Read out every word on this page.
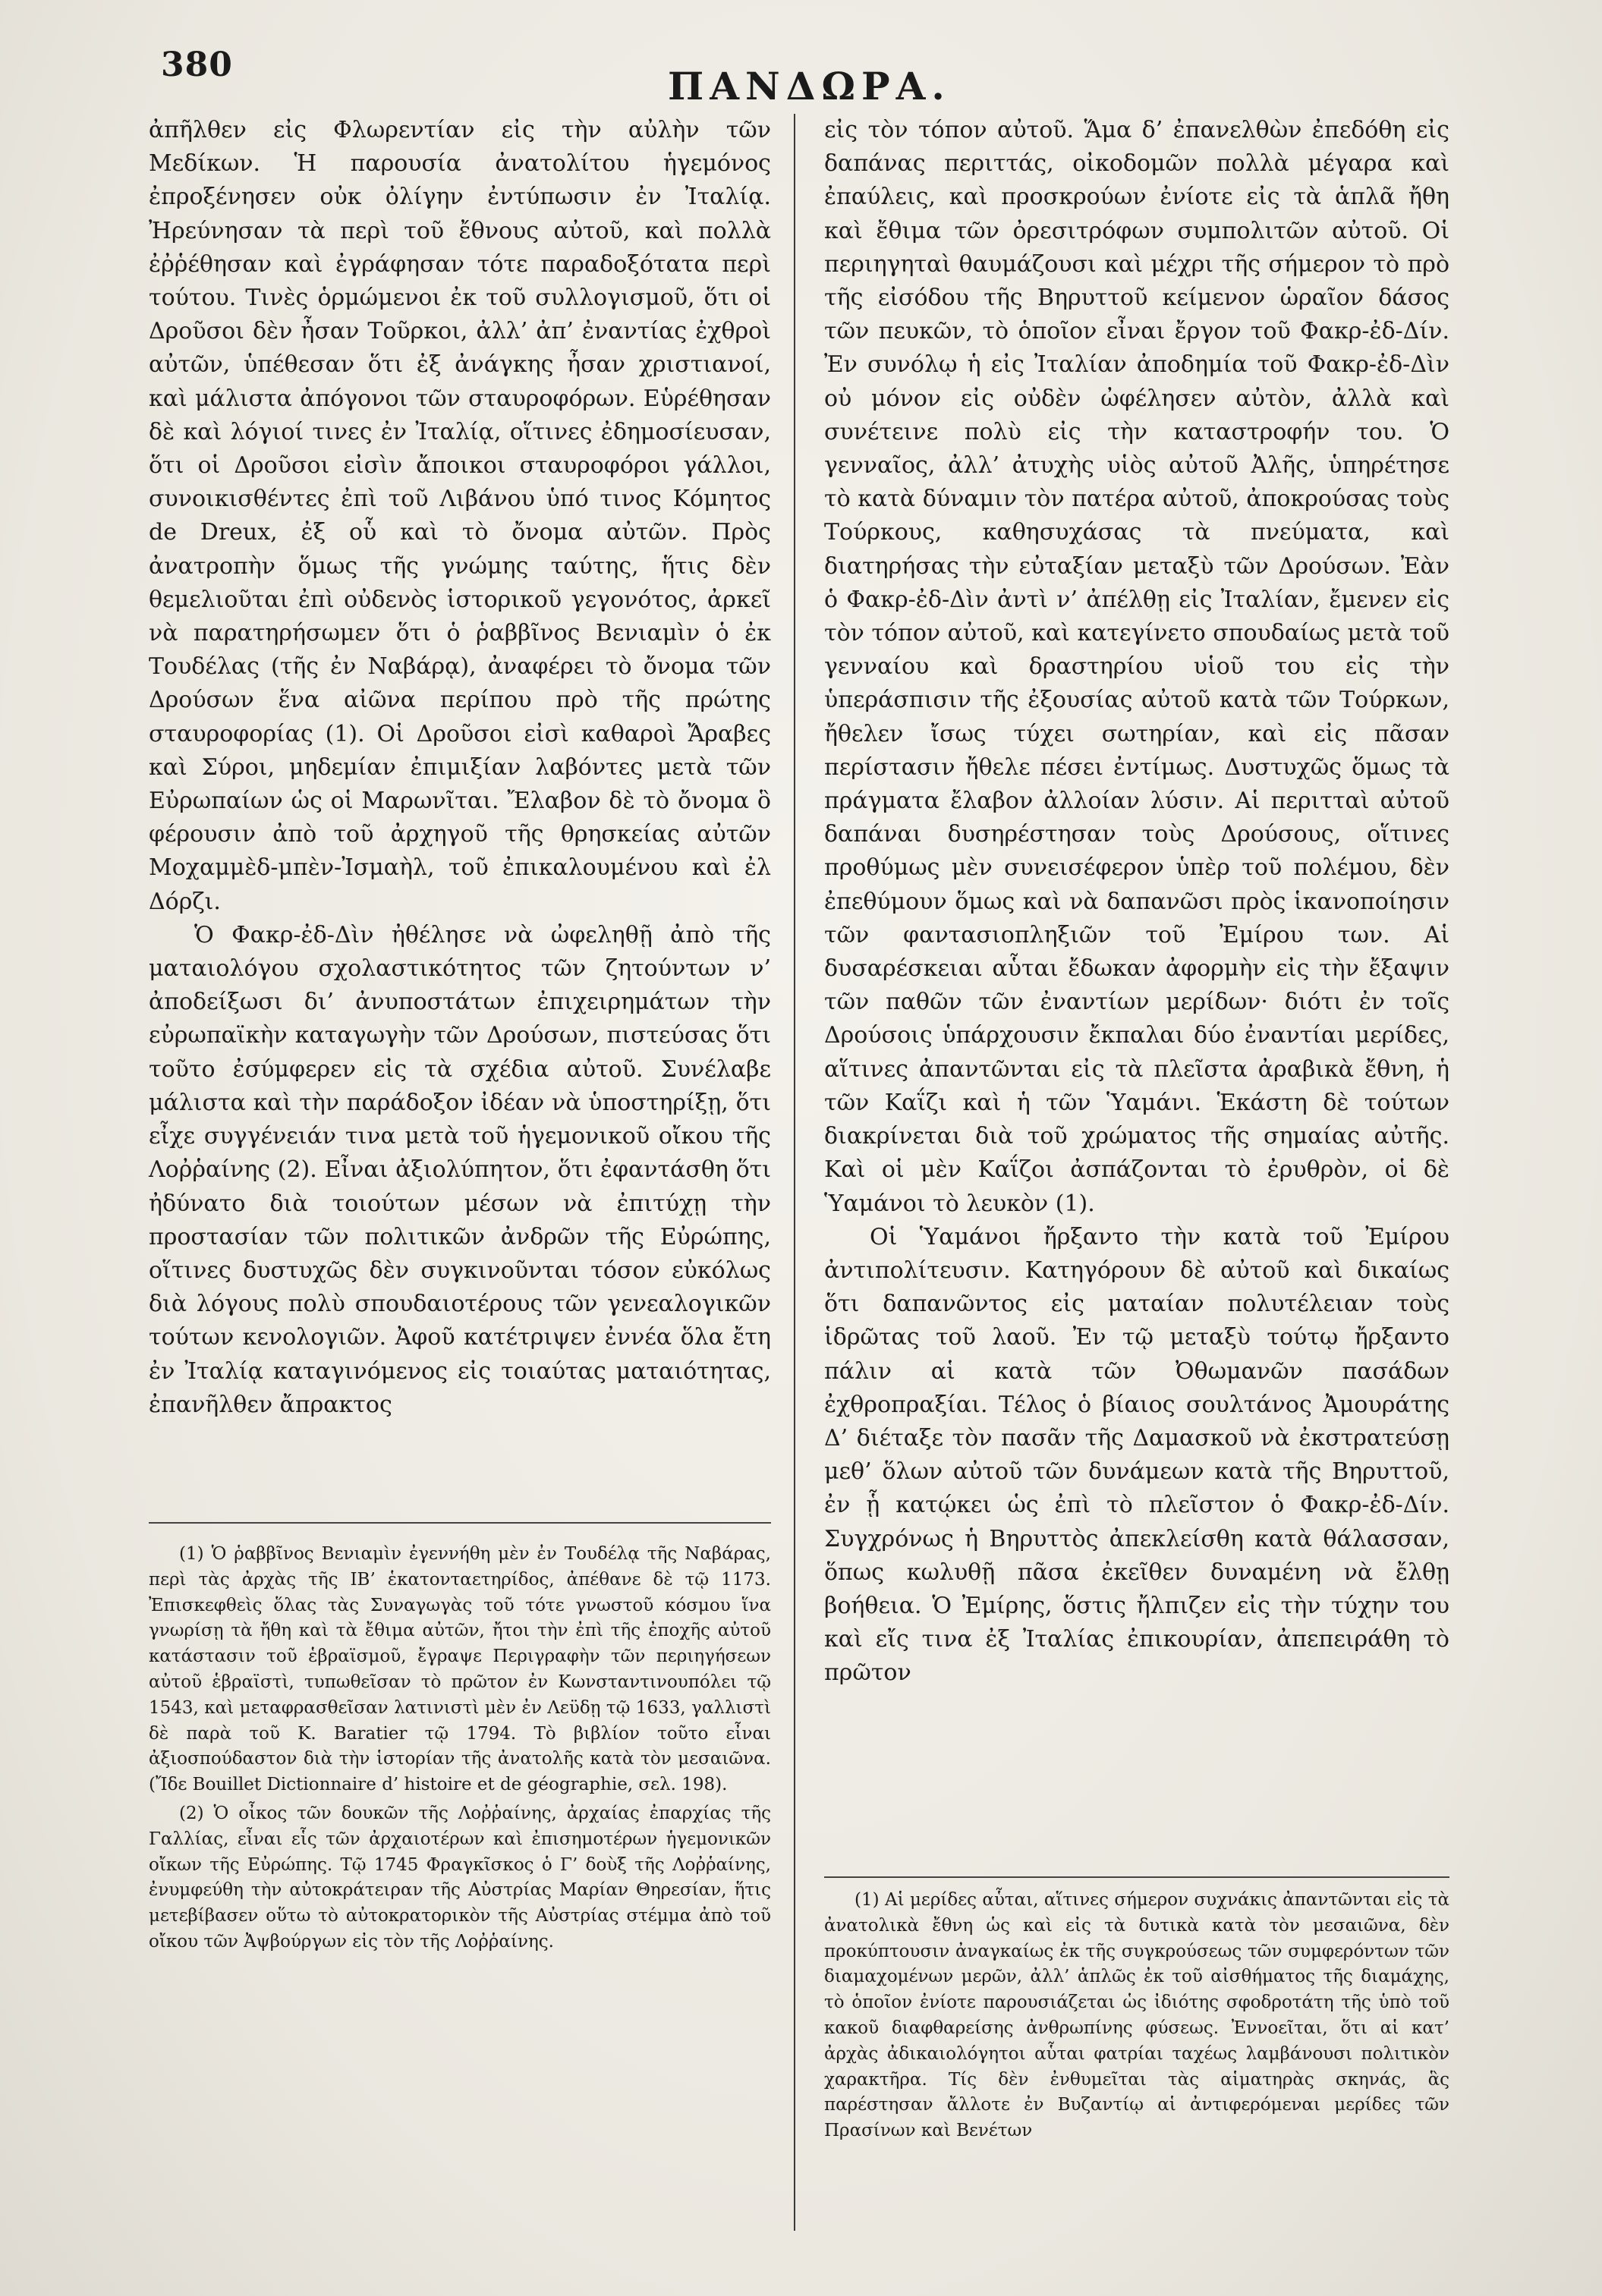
380	ΠΑΝΔΩΡΑ.

ἀπῆλθεν εἰς Φλωρεντίαν εἰς τὴν αὐλὴν τῶν Μεδίκων. Ἡ παρουσία ἀνατολίτου ἡγεμόνος ἐπροξένησεν οὐκ ὀλίγην ἐντύπωσιν ἐν Ἰταλίᾳ. Ἠρεύνησαν τὰ περὶ τοῦ ἔθνους αὐτοῦ, καὶ πολλὰ ἐῤῥέθησαν καὶ ἐγράφησαν τότε παραδοξότατα περὶ τούτου. Τινὲς ὁρμώμενοι ἐκ τοῦ συλλογισμοῦ, ὅτι οἱ Δροῦσοι δὲν ἦσαν Τοῦρκοι, ἀλλ’ ἀπ’ ἐναντίας ἐχθροὶ αὐτῶν, ὑπέθεσαν ὅτι ἐξ ἀνάγκης ἦσαν χριστιανοί, καὶ μάλιστα ἀπόγονοι τῶν σταυροφόρων. Εὑρέθησαν δὲ καὶ λόγιοί τινες ἐν Ἰταλίᾳ, οἵτινες ἐδημοσίευσαν, ὅτι οἱ Δροῦσοι εἰσὶν ἄποικοι σταυροφόροι γάλλοι, συνοικισθέντες ἐπὶ τοῦ Λιβάνου ὑπό τινος Κόμητος de Dreux, ἐξ οὗ καὶ τὸ ὄνομα αὐτῶν. Πρὸς ἀνατροπὴν ὅμως τῆς γνώμης ταύτης, ἥτις δὲν θεμελιοῦται ἐπὶ οὐδενὸς ἱστορικοῦ γεγονότος, ἀρκεῖ νὰ παρατηρήσωμεν ὅτι ὁ ῥαββῖνος Βενιαμὶν ὁ ἐκ Τουδέλας (τῆς ἐν Ναβάρᾳ), ἀναφέρει τὸ ὄνομα τῶν Δρούσων ἕνα αἰῶνα περίπου πρὸ τῆς πρώτης σταυροφορίας (1). Οἱ Δροῦσοι εἰσὶ καθαροὶ Ἄραβες καὶ Σύροι, μηδεμίαν ἐπιμιξίαν λαβόντες μετὰ τῶν Εὐρωπαίων ὡς οἱ Μαρωνῖται. Ἔλαβον δὲ τὸ ὄνομα ὃ φέρουσιν ἀπὸ τοῦ ἀρχηγοῦ τῆς θρησκείας αὐτῶν Μοχαμμὲδ-μπὲν-Ἰσμαὴλ, τοῦ ἐπικαλουμένου καὶ ἐλ Δόρζι.

Ὁ Φακρ-ἐδ-Δὶν ἠθέλησε νὰ ὠφεληθῇ ἀπὸ τῆς ματαιολόγου σχολαστικότητος τῶν ζητούντων ν’ ἀποδείξωσι δι’ ἀνυποστάτων ἐπιχειρημάτων τὴν εὐρωπαϊκὴν καταγωγὴν τῶν Δρούσων, πιστεύσας ὅτι τοῦτο ἐσύμφερεν εἰς τὰ σχέδια αὐτοῦ. Συνέλαβε μάλιστα καὶ τὴν παράδοξον ἰδέαν νὰ ὑποστηρίξῃ, ὅτι εἶχε συγγένειάν τινα μετὰ τοῦ ἡγεμονικοῦ οἴκου τῆς Λοῤῥαίνης (2). Εἶναι ἀξιολύπητον, ὅτι ἐφαντάσθη ὅτι ἠδύνατο διὰ τοιούτων μέσων νὰ ἐπιτύχῃ τὴν προστασίαν τῶν πολιτικῶν ἀνδρῶν τῆς Εὐρώπης, οἵτινες δυστυχῶς δὲν συγκινοῦνται τόσον εὐκόλως διὰ λόγους πολὺ σπουδαιοτέρους τῶν γενεαλογικῶν τούτων κενολογιῶν. Ἀφοῦ κατέτριψεν ἐννέα ὅλα ἔτη ἐν Ἰταλίᾳ καταγινόμενος εἰς τοιαύτας ματαιότητας, ἐπανῆλθεν ἄπρακτος

εἰς τὸν τόπον αὐτοῦ. Ἅμα δ’ ἐπανελθὼν ἐπεδόθη εἰς δαπάνας περιττάς, οἰκοδομῶν πολλὰ μέγαρα καὶ ἐπαύλεις, καὶ προσκρούων ἐνίοτε εἰς τὰ ἁπλᾶ ἤθη καὶ ἔθιμα τῶν ὀρεσιτρόφων συμπολιτῶν αὐτοῦ. Οἱ περιηγηταὶ θαυμάζουσι καὶ μέχρι τῆς σήμερον τὸ πρὸ τῆς εἰσόδου τῆς Βηρυττοῦ κείμενον ὡραῖον δάσος τῶν πευκῶν, τὸ ὁποῖον εἶναι ἔργον τοῦ Φακρ-ἐδ-Δίν. Ἐν συνόλῳ ἡ εἰς Ἰταλίαν ἀποδημία τοῦ Φακρ-ἐδ-Δὶν οὐ μόνον εἰς οὐδὲν ὠφέλησεν αὐτὸν, ἀλλὰ καὶ συνέτεινε πολὺ εἰς τὴν καταστροφήν του. Ὁ γενναῖος, ἀλλ’ ἀτυχὴς υἱὸς αὐτοῦ Ἀλῆς, ὑπηρέτησε τὸ κατὰ δύναμιν τὸν πατέρα αὐτοῦ, ἀποκρούσας τοὺς Τούρκους, καθησυχάσας τὰ πνεύματα, καὶ διατηρήσας τὴν εὐταξίαν μεταξὺ τῶν Δρούσων. Ἐὰν ὁ Φακρ-ἐδ-Δὶν ἀντὶ ν’ ἀπέλθῃ εἰς Ἰταλίαν, ἔμενεν εἰς τὸν τόπον αὐτοῦ, καὶ κατεγίνετο σπουδαίως μετὰ τοῦ γενναίου καὶ δραστηρίου υἱοῦ του εἰς τὴν ὑπεράσπισιν τῆς ἐξουσίας αὐτοῦ κατὰ τῶν Τούρκων, ἤθελεν ἴσως τύχει σωτηρίαν, καὶ εἰς πᾶσαν περίστασιν ἤθελε πέσει ἐντίμως. Δυστυχῶς ὅμως τὰ πράγματα ἔλαβον ἀλλοίαν λύσιν. Αἱ περιτταὶ αὐτοῦ δαπάναι δυσηρέστησαν τοὺς Δρούσους, οἵτινες προθύμως μὲν συνεισέφερον ὑπὲρ τοῦ πολέμου, δὲν ἐπεθύμουν ὅμως καὶ νὰ δαπανῶσι πρὸς ἱκανοποίησιν τῶν φαντασιοπληξιῶν τοῦ Ἐμίρου των. Αἱ δυσαρέσκειαι αὗται ἔδωκαν ἀφορμὴν εἰς τὴν ἔξαψιν τῶν παθῶν τῶν ἐναντίων μερίδων· διότι ἐν τοῖς Δρούσοις ὑπάρχουσιν ἔκπαλαι δύο ἐναντίαι μερίδες, αἵτινες ἀπαντῶνται εἰς τὰ πλεῖστα ἀραβικὰ ἔθνη, ἡ τῶν Καΐζι καὶ ἡ τῶν Ὑαμάνι. Ἑκάστη δὲ τούτων διακρίνεται διὰ τοῦ χρώματος τῆς σημαίας αὐτῆς. Καὶ οἱ μὲν Καΐζοι ἀσπάζονται τὸ ἐρυθρὸν, οἱ δὲ Ὑαμάνοι τὸ λευκὸν (1).

Οἱ Ὑαμάνοι ἤρξαντο τὴν κατὰ τοῦ Ἐμίρου ἀντιπολίτευσιν. Κατηγόρουν δὲ αὐτοῦ καὶ δικαίως ὅτι δαπανῶντος εἰς ματαίαν πολυτέλειαν τοὺς ἱδρῶτας τοῦ λαοῦ. Ἐν τῷ μεταξὺ τούτῳ ἤρξαντο πάλιν αἱ κατὰ τῶν Ὀθωμανῶν πασάδων ἐχθροπραξίαι. Τέλος ὁ βίαιος σουλτάνος Ἀμουράτης Δ’ διέταξε τὸν πασᾶν τῆς Δαμασκοῦ νὰ ἐκστρατεύσῃ μεθ’ ὅλων αὐτοῦ τῶν δυνάμεων κατὰ τῆς Βηρυττοῦ, ἐν ᾗ κατῴκει ὡς ἐπὶ τὸ πλεῖστον ὁ Φακρ-ἐδ-Δίν. Συγχρόνως ἡ Βηρυττὸς ἀπεκλείσθη κατὰ θάλασσαν, ὅπως κωλυθῇ πᾶσα ἐκεῖθεν δυναμένη νὰ ἔλθῃ βοήθεια. Ὁ Ἐμίρης, ὅστις ἤλπιζεν εἰς τὴν τύχην του καὶ εἴς τινα ἐξ Ἰταλίας ἐπικουρίαν, ἀπεπειράθη τὸ πρῶτον

(1) Ὁ ῥαββῖνος Βενιαμὶν ἐγεννήθη μὲν ἐν Τουδέλᾳ τῆς Ναβάρας, περὶ τὰς ἀρχὰς τῆς ΙΒ’ ἑκατονταετηρίδος, ἀπέθανε δὲ τῷ 1173. Ἐπισκεφθεὶς ὅλας τὰς Συναγωγὰς τοῦ τότε γνωστοῦ κόσμου ἵνα γνωρίσῃ τὰ ἤθη καὶ τὰ ἔθιμα αὐτῶν, ἤτοι τὴν ἐπὶ τῆς ἐποχῆς αὐτοῦ κατάστασιν τοῦ ἑβραϊσμοῦ, ἔγραψε Περιγραφὴν τῶν περιηγήσεων αὐτοῦ ἑβραϊστὶ, τυπωθεῖσαν τὸ πρῶτον ἐν Κωνσταντινουπόλει τῷ 1543, καὶ μεταφρασθεῖσαν λατινιστὶ μὲν ἐν Λεϋδῃ τῷ 1633, γαλλιστὶ δὲ παρὰ τοῦ Κ. Baratier τῷ 1794. Τὸ βιβλίον τοῦτο εἶναι ἀξιοσπούδαστον διὰ τὴν ἱστορίαν τῆς ἀνατολῆς κατὰ τὸν μεσαιῶνα. (Ἴδε Bouillet Dictionnaire d’ histoire et de géographie, σελ. 198).

(2) Ὁ οἶκος τῶν δουκῶν τῆς Λοῤῥαίνης, ἀρχαίας ἐπαρχίας τῆς Γαλλίας, εἶναι εἷς τῶν ἀρχαιοτέρων καὶ ἐπισημοτέρων ἡγεμονικῶν οἴκων τῆς Εὐρώπης. Τῷ 1745 Φραγκῖσκος ὁ Γ’ δοὺξ τῆς Λοῤῥαίνης, ἐνυμφεύθη τὴν αὐτοκράτειραν τῆς Αὐστρίας Μαρίαν Θηρεσίαν, ἥτις μετεβίβασεν οὕτω τὸ αὐτοκρατορικὸν τῆς Αὐστρίας στέμμα ἀπὸ τοῦ οἴκου τῶν Ἀψβούργων εἰς τὸν τῆς Λοῤῥαίνης.

(1) Αἱ μερίδες αὗται, αἵτινες σήμερον συχνάκις ἀπαντῶνται εἰς τὰ ἀνατολικὰ ἔθνη ὡς καὶ εἰς τὰ δυτικὰ κατὰ τὸν μεσαιῶνα, δὲν προκύπτουσιν ἀναγκαίως ἐκ τῆς συγκρούσεως τῶν συμφερόντων τῶν διαμαχομένων μερῶν, ἀλλ’ ἁπλῶς ἐκ τοῦ αἰσθήματος τῆς διαμάχης, τὸ ὁποῖον ἐνίοτε παρουσιάζεται ὡς ἰδιότης σφοδροτάτη τῆς ὑπὸ τοῦ κακοῦ διαφθαρείσης ἀνθρωπίνης φύσεως. Ἐννοεῖται, ὅτι αἱ κατ’ ἀρχὰς ἀδικαιολόγητοι αὗται φατρίαι ταχέως λαμβάνουσι πολιτικὸν χαρακτῆρα. Τίς δὲν ἐνθυμεῖται τὰς αἱματηρὰς σκηνάς, ἃς παρέστησαν ἄλλοτε ἐν Βυζαντίῳ αἱ ἀντιφερόμεναι μερίδες τῶν Πρασίνων καὶ Βενέτων
